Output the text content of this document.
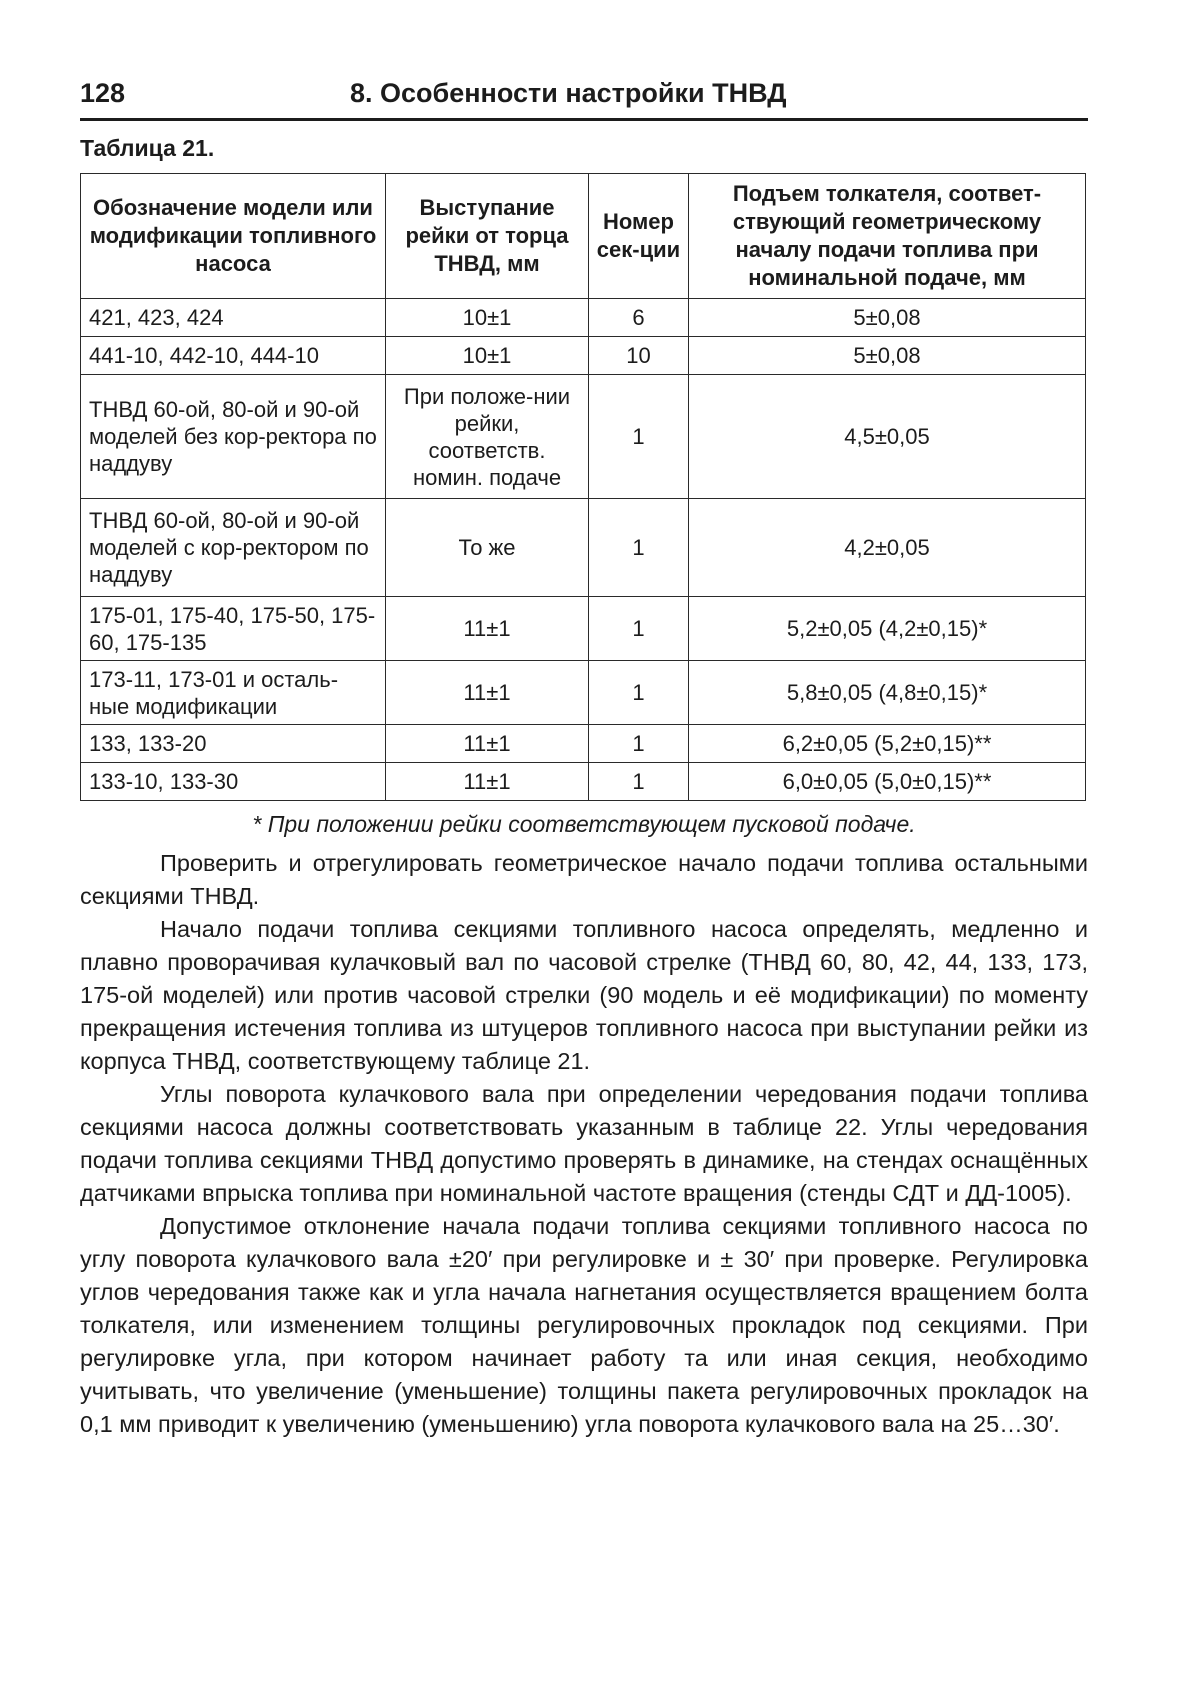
128	8. Особенности настройки ТНВД
Таблица 21.
Обозначение модели или модификации топливного насоса	Выступание рейки от торца ТНВД, мм	Номер сек-ции	Подъем толкателя, соответ-ствующий геометрическому началу подачи топлива при номинальной подаче, мм
421, 423, 424	10±1	6	5±0,08
441-10, 442-10, 444-10	10±1	10	5±0,08
ТНВД 60-ой, 80-ой и 90-ой моделей без кор-ректора по наддуву	При положе-нии рейки, соответств. номин. подаче	1	4,5±0,05
ТНВД 60-ой, 80-ой и 90-ой моделей с кор-ректором по наддуву	То же	1	4,2±0,05
175-01, 175-40, 175-50, 175-60, 175-135	11±1	1	5,2±0,05 (4,2±0,15)*
173-11, 173-01 и осталь-ные модификации	11±1	1	5,8±0,05 (4,8±0,15)*
133, 133-20	11±1	1	6,2±0,05 (5,2±0,15)**
133-10, 133-30	11±1	1	6,0±0,05 (5,0±0,15)**
* При положении рейки соответствующем пусковой подаче.

Проверить и отрегулировать геометрическое начало подачи топлива остальными секциями ТНВД.

Начало подачи топлива секциями топливного насоса определять, медленно и плавно проворачивая кулачковый вал по часовой стрелке (ТНВД 60, 80, 42, 44, 133, 173, 175-ой моделей) или против часовой стрелки (90 модель и её модификации) по моменту прекращения истечения топлива из штуцеров топливного насоса при выступании рейки из корпуса ТНВД, соответствующему таблице 21.

Углы поворота кулачкового вала при определении чередования подачи топлива секциями насоса должны соответствовать указанным в таблице 22. Углы чередования подачи топлива секциями ТНВД допустимо проверять в динамике, на стендах оснащённых датчиками впрыска топлива при номинальной частоте вращения (стенды СДТ и ДД-1005).

Допустимое отклонение начала подачи топлива секциями топливного насоса по углу поворота кулачкового вала ±20′ при регулировке и ± 30′ при проверке. Регулировка углов чередования также как и угла начала нагнетания осуществляется вращением болта толкателя, или изменением толщины регулировочных прокладок под секциями. При регулировке угла, при котором начинает работу та или иная секция, необходимо учитывать, что увеличение (уменьшение) толщины пакета регулировочных прокладок на 0,1 мм приводит к увеличению (уменьшению) угла поворота кулачкового вала на 25…30′.
